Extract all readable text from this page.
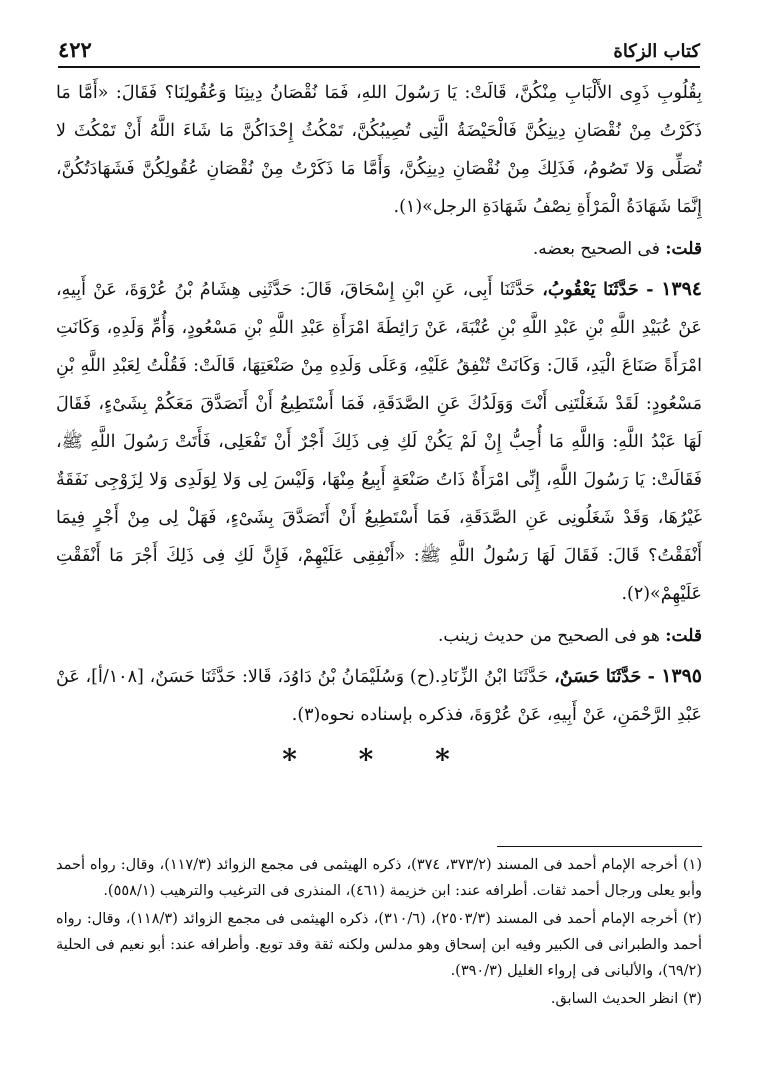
كتاب الزكاة
٤٢٢

بِقُلُوبِ ذَوِى الأَلْبَابِ مِنْكُنَّ، قَالَتْ: يَا رَسُولَ اللهِ، فَمَا نُقْصَانُ دِينِنَا وَعُقُولِنَا؟ فَقَالَ: «أَمَّا مَا ذَكَرْتُ مِنْ نُقْصَانِ دِينِكُنَّ فَالْحَيْضَةُ الَّتِى تُصِيبُكُنَّ، تَمْكُثُ إِحْدَاكُنَّ مَا شَاءَ اللَّهُ أَنْ تَمْكُثَ لا تُصَلِّى وَلا تَصُومُ، فَذَلِكَ مِنْ نُقْصَانِ دِينِكُنَّ، وَأَمَّا مَا ذَكَرْتُ مِنْ نُقْصَانِ عُقُولِكُنَّ فَشَهَادَتُكُنَّ، إِنَّمَا شَهَادَةُ الْمَرْأَةِ نِصْفُ شَهَادَةِ الرجل»(١).

قلت: فى الصحيح بعضه.

١٣٩٤ - حَدَّثَنَا يَعْقُوبُ، حَدَّثَنَا أَبِى، عَنِ ابْنِ إِسْحَاقَ، قَالَ: حَدَّثَنِى هِشَامُ بْنُ عُرْوَةَ، عَنْ أَبِيهِ، عَنْ عُبَيْدِ اللَّهِ بْنِ عَبْدِ اللَّهِ بْنِ عُتْبَةَ، عَنْ رَائِطَةَ امْرَأَةِ عَبْدِ اللَّهِ بْنِ مَسْعُودٍ، وَأُمِّ وَلَدِهِ، وَكَانَتِ امْرَأَةً صَنَاعَ الْيَدِ، قَالَ: وَكَانَتْ تُنْفِقُ عَلَيْهِ، وَعَلَى وَلَدِهِ مِنْ صَنْعَتِهَا، قَالَتْ: فَقُلْتُ لِعَبْدِ اللَّهِ بْنِ مَسْعُودٍ: لَقَدْ شَغَلْتَنِى أَنْتَ وَوَلَدُكَ عَنِ الصَّدَقَةِ، فَمَا أَسْتَطِيعُ أَنْ أَتَصَدَّقَ مَعَكُمْ بِشَىْءٍ، فَقَالَ لَهَا عَبْدُ اللَّهِ: وَاللَّهِ مَا أُحِبُّ إِنْ لَمْ يَكُنْ لَكِ فِى ذَلِكَ أَجْرٌ أَنْ تَفْعَلِى، فَأَتَتْ رَسُولَ اللَّهِ ﷺ، فَقَالَتْ: يَا رَسُولَ اللَّهِ، إِنِّى امْرَأَةٌ ذَاتُ صَنْعَةٍ أَبِيعُ مِنْهَا، وَلَيْسَ لِى وَلا لِوَلَدِى وَلا لِزَوْجِى نَفَقَةٌ غَيْرُهَا، وَقَدْ شَغَلُونِى عَنِ الصَّدَقَةِ، فَمَا أَسْتَطِيعُ أَنْ أَتَصَدَّقَ بِشَىْءٍ، فَهَلْ لِى مِنْ أَجْرٍ فِيمَا أَنْفَقْتُ؟ قَالَ: فَقَالَ لَهَا رَسُولُ اللَّهِ ﷺ: «أَنْفِقِى عَلَيْهِمْ، فَإِنَّ لَكِ فِى ذَلِكَ أَجْرَ مَا أَنْفَقْتِ عَلَيْهِمْ»(٢).

قلت: هو فى الصحيح من حديث زينب.

١٣٩٥ - حَدَّثَنَا حَسَنٌ، حَدَّثَنَا ابْنُ الزِّنَادِ.(ح) وَسُلَيْمَانُ بْنُ دَاوُدَ، قَالا: حَدَّثَنَا حَسَنٌ، [١٠٨/أ]، عَنْ عَبْدِ الرَّحْمَنِ، عَنْ أَبِيهِ، عَنْ عُرْوَةَ، فذكره بإسناده نحوه(٣).

* * *

(١) أخرجه الإمام أحمد فى المسند (٣٧٣/٢، ٣٧٤)، ذكره الهيثمى فى مجمع الزوائد (١١٧/٣)، وقال: رواه أحمد وأبو يعلى ورجال أحمد ثقات. أطرافه عند: ابن خزيمة (٤٦١)، المنذرى فى الترغيب والترهيب (٥٥٨/١).

(٢) أخرجه الإمام أحمد فى المسند (٢٥٠٣/٣)، (٣١٠/٦)، ذكره الهيثمى فى مجمع الزوائد (١١٨/٣)، وقال: رواه أحمد والطبرانى فى الكبير وفيه ابن إسحاق وهو مدلس ولكنه ثقة وقد توبع. وأطرافه عند: أبو نعيم فى الحلية (٦٩/٢)، والألبانى فى إرواء الغليل (٣٩٠/٣).

(٣) انظر الحديث السابق.
